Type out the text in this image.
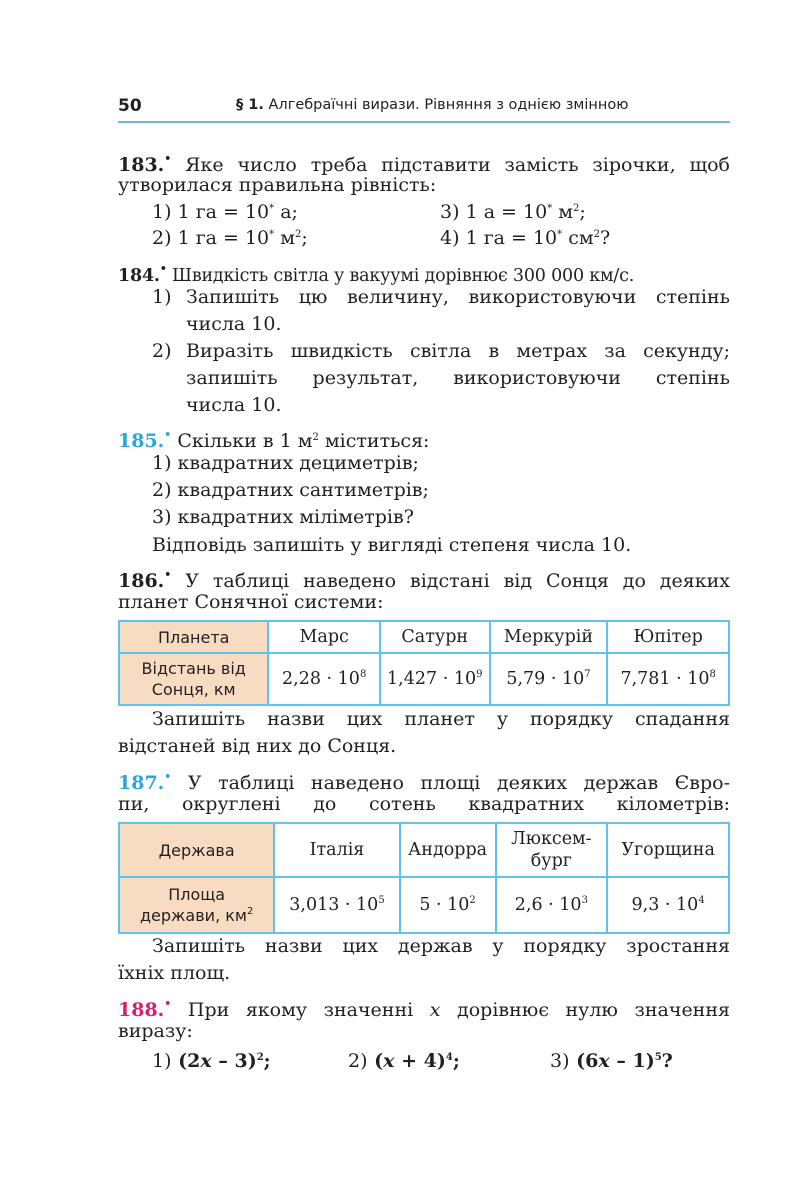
50	§ 1. Алгебраїчні вирази. Рівняння з однією змінною
183.• Яке число треба підставити замість зірочки, щоб
утворилася правильна рівність:
1) 1 га = 10* а;	3) 1 а = 10* $м^2$;
2) 1 га = 10* $м^2$;	4) 1 га = 10* $см^2$?
184.• Швидкість світла у вакуумі дорівнює 300 000 км/с.
1) Запишіть цю величину, використовуючи степінь
числа 10.
2) Виразіть швидкість світла в метрах за секунду;
запишіть результат, використовуючи степінь
числа 10.
185.• Скільки в 1 $м^2$ міститься:
1) квадратних дециметрів;
2) квадратних сантиметрів;
3) квадратних міліметрів?
Відповідь запишіть у вигляді степеня числа 10.
186.• У таблиці наведено відстані від Сонця до деяких
планет Сонячної системи:
Планета	Марс	Сатурн	Меркурій	Юпітер
Відстань від
Сонця, км	$2,28 \cdot 10^8$	$1,427 \cdot 10^9$	$5,79 \cdot 10^7$	$7,781 \cdot 10^8$
Запишіть назви цих планет у порядку спадання
відстаней від них до Сонця.
187.• У таблиці наведено площі деяких держав Євро-
пи, округлені до сотень квадратних кілометрів:
Держава	Італія	Андорра	Люксем-
бург	Угорщина
Площа
держави, $км^2$	$3,013 \cdot 10^5$	$5 \cdot 10^2$	$2,6 \cdot 10^3$	$9,3 \cdot 10^4$
Запишіть назви цих держав у порядку зростання
їхніх площ.
188.• При якому значенні x дорівнює нулю значення
виразу:
1) (2x – 3)$^2$;	2) $(x + 4)^4$;	3) (6x – 1)$^5$?
